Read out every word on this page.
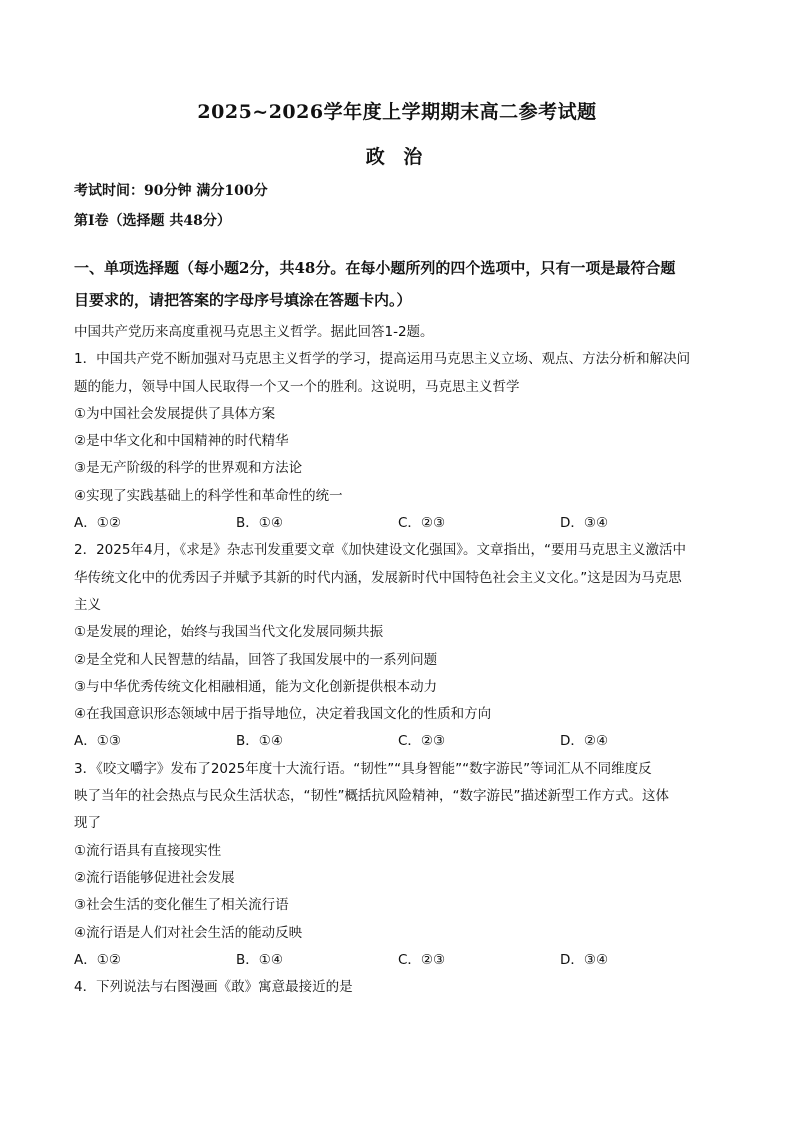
2025~2026学年度上学期期末高二参考试题
政 治
考试时间：90分钟 满分100分
第Ⅰ卷（选择题 共48分）
一、单项选择题（每小题2分，共48分。在每小题所列的四个选项中，只有一项是最符合题
目要求的，请把答案的字母序号填涂在答题卡内。）
中国共产党历来高度重视马克思主义哲学。据此回答1-2题。
1．中国共产党不断加强对马克思主义哲学的学习，提高运用马克思主义立场、观点、方法分析和解决问
题的能力，领导中国人民取得一个又一个的胜利。这说明，马克思主义哲学
①为中国社会发展提供了具体方案
②是中华文化和中国精神的时代精华
③是无产阶级的科学的世界观和方法论
④实现了实践基础上的科学性和革命性的统一
A．①②	B．①④	C．②③	D．③④
2．2025年4月，《求是》杂志刊发重要文章《加快建设文化强国》。文章指出，“要用马克思主义激活中
华传统文化中的优秀因子并赋予其新的时代内涵，发展新时代中国特色社会主义文化。”这是因为马克思
主义
①是发展的理论，始终与我国当代文化发展同频共振
②是全党和人民智慧的结晶，回答了我国发展中的一系列问题
③与中华优秀传统文化相融相通，能为文化创新提供根本动力
④在我国意识形态领域中居于指导地位，决定着我国文化的性质和方向
A．①③	B．①④	C．②③	D．②④
3．《咬文嚼字》发布了2025年度十大流行语。“韧性”“具身智能”“数字游民”等词汇从不同维度反
映了当年的社会热点与民众生活状态，“韧性”概括抗风险精神，“数字游民”描述新型工作方式。这体
现了
①流行语具有直接现实性
②流行语能够促进社会发展
③社会生活的变化催生了相关流行语
④流行语是人们对社会生活的能动反映
A．①②	B．①④	C．②③	D．③④
4．下列说法与右图漫画《敢》寓意最接近的是
